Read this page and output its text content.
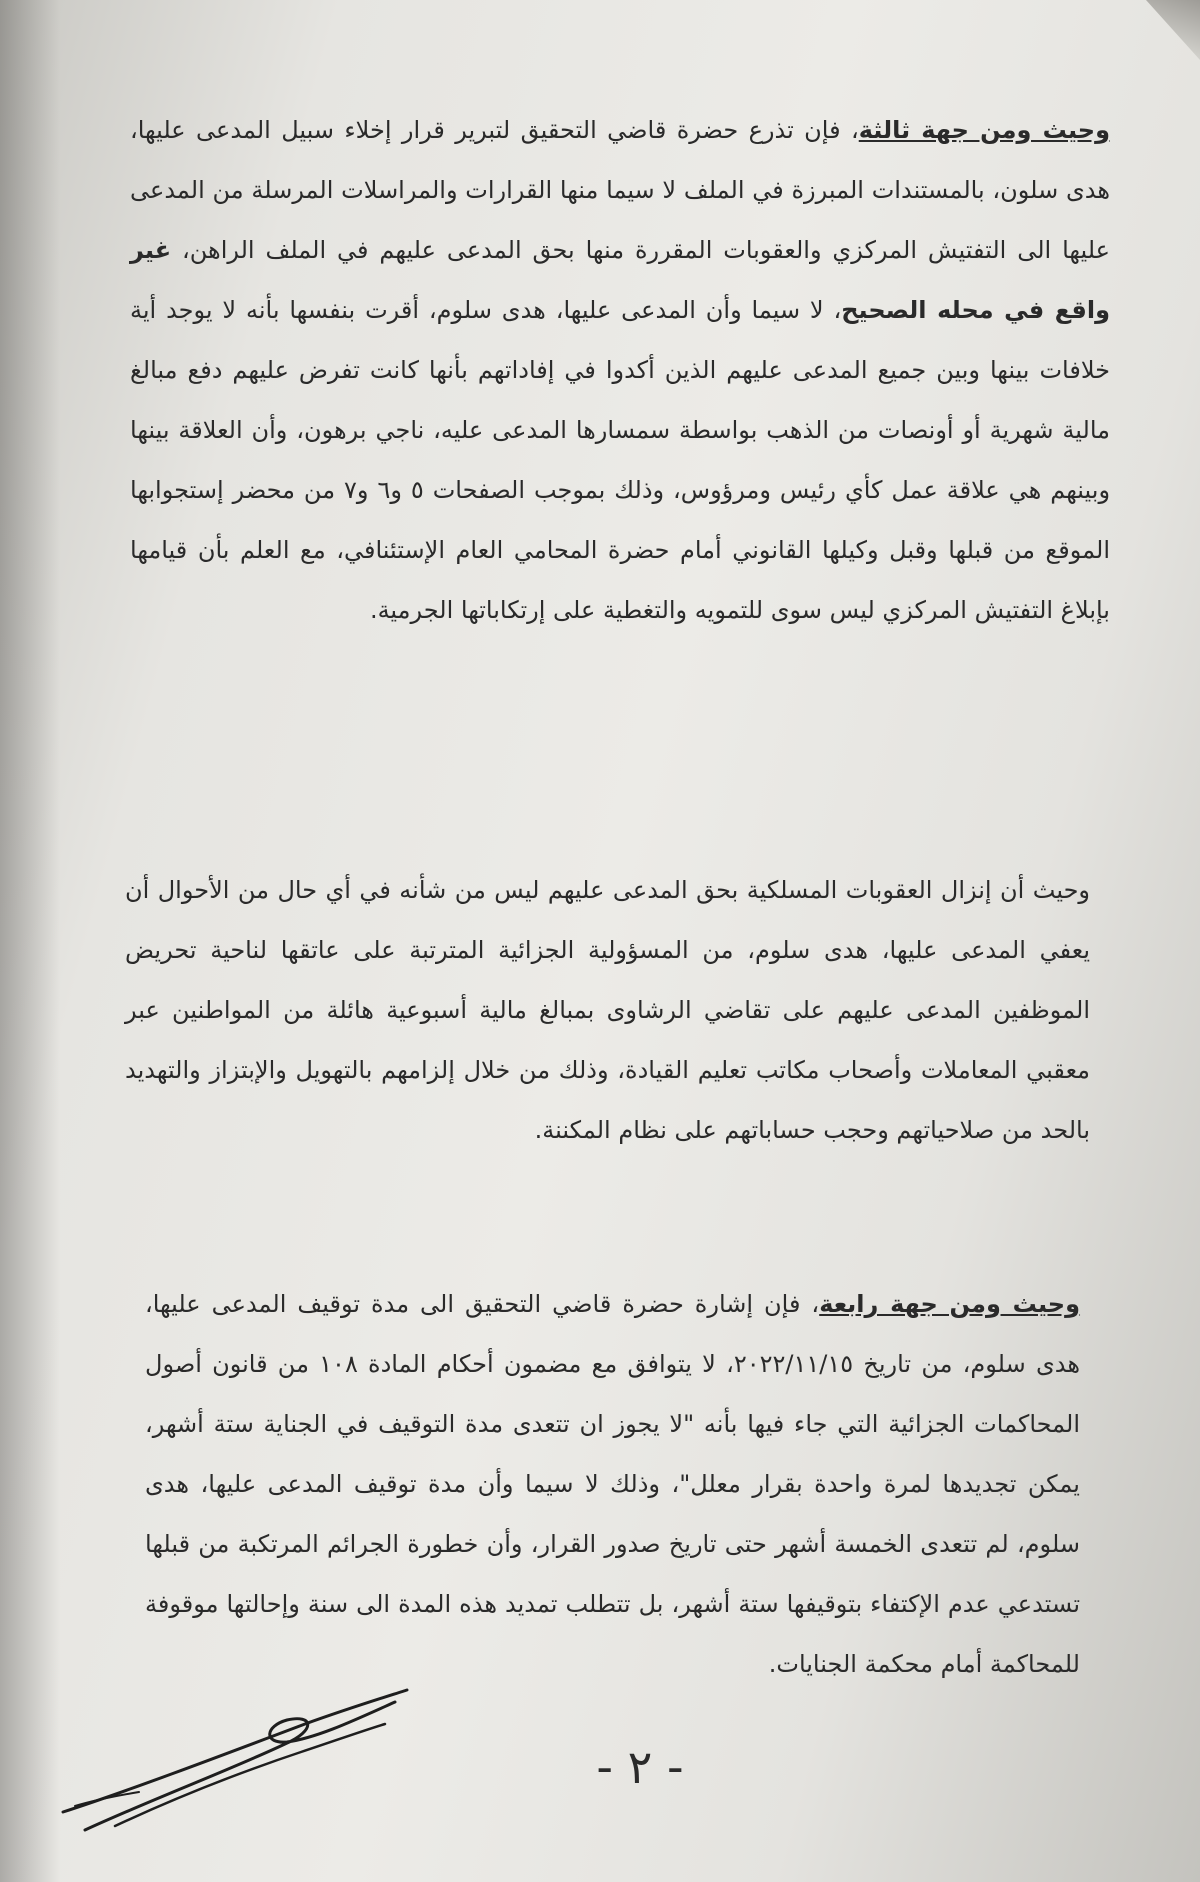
وحيث ومن جهة ثالثة، فإن تذرع حضرة قاضي التحقيق لتبرير قرار إخلاء سبيل المدعى عليها، هدى سلون، بالمستندات المبرزة في الملف لا سيما منها القرارات والمراسلات المرسلة من المدعى عليها الى التفتيش المركزي والعقوبات المقررة منها بحق المدعى عليهم في الملف الراهن، غير واقع في محله الصحيح، لا سيما وأن المدعى عليها، هدى سلوم، أقرت بنفسها بأنه لا يوجد أية خلافات بينها وبين جميع المدعى عليهم الذين أكدوا في إفاداتهم بأنها كانت تفرض عليهم دفع مبالغ مالية شهرية أو أونصات من الذهب بواسطة سمسارها المدعى عليه، ناجي برهون، وأن العلاقة بينها وبينهم هي علاقة عمل كأي رئيس ومرؤوس، وذلك بموجب الصفحات ٥ و٦ و٧ من محضر إستجوابها الموقع من قبلها وقبل وكيلها القانوني أمام حضرة المحامي العام الإستئنافي، مع العلم بأن قيامها بإبلاغ التفتيش المركزي ليس سوى للتمويه والتغطية على إرتكاباتها الجرمية.

وحيث أن إنزال العقوبات المسلكية بحق المدعى عليهم ليس من شأنه في أي حال من الأحوال أن يعفي المدعى عليها، هدى سلوم، من المسؤولية الجزائية المترتبة على عاتقها لناحية تحريض الموظفين المدعى عليهم على تقاضي الرشاوى بمبالغ مالية أسبوعية هائلة من المواطنين عبر معقبي المعاملات وأصحاب مكاتب تعليم القيادة، وذلك من خلال إلزامهم بالتهويل والإبتزاز والتهديد بالحد من صلاحياتهم وحجب حساباتهم على نظام المكننة.

وحيث ومن جهة رابعة، فإن إشارة حضرة قاضي التحقيق الى مدة توقيف المدعى عليها، هدى سلوم، من تاريخ ٢٠٢٢/١١/١٥، لا يتوافق مع مضمون أحكام المادة ١٠٨ من قانون أصول المحاكمات الجزائية التي جاء فيها بأنه "لا يجوز ان تتعدى مدة التوقيف في الجناية ستة أشهر، يمكن تجديدها لمرة واحدة بقرار معلل"، وذلك لا سيما وأن مدة توقيف المدعى عليها، هدى سلوم، لم تتعدى الخمسة أشهر حتى تاريخ صدور القرار، وأن خطورة الجرائم المرتكبة من قبلها تستدعي عدم الإكتفاء بتوقيفها ستة أشهر، بل تتطلب تمديد هذه المدة الى سنة وإحالتها موقوفة للمحاكمة أمام محكمة الجنايات.

- ٢ -
